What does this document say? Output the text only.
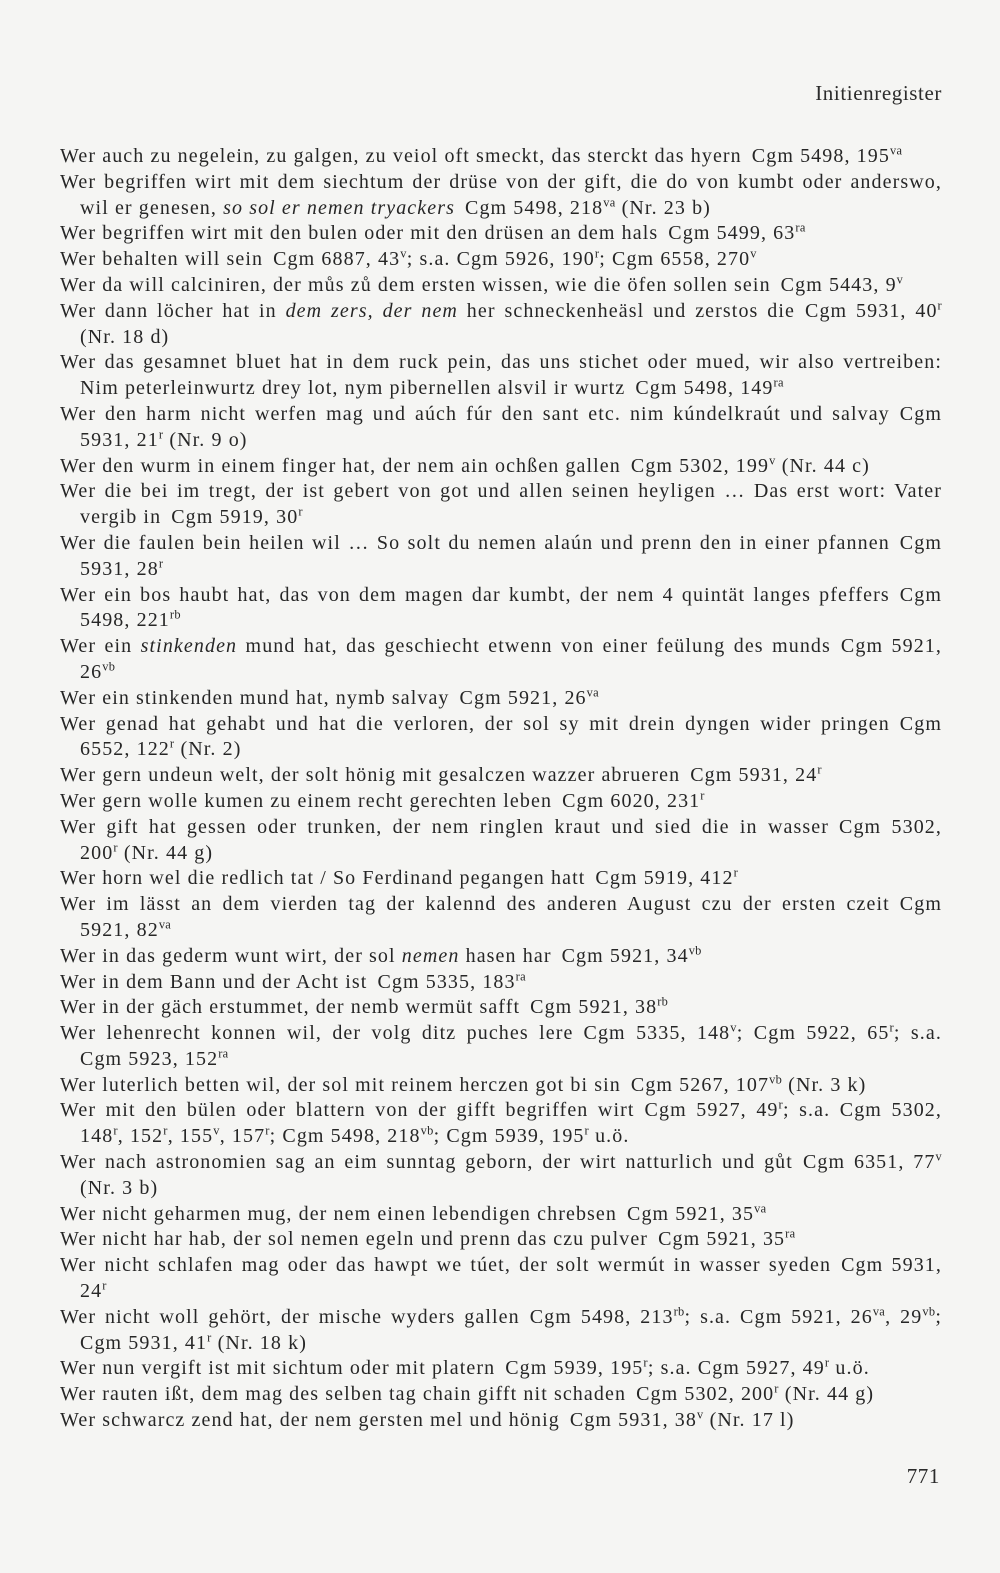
Initienregister
Wer auch zu negelein, zu galgen, zu veiol oft smeckt, das sterckt das hyern Cgm 5498, $195^{va}$
Wer begriffen wirt mit dem siechtum der drüse von der gift, die do von kumbt oder anderswo,
wil er genesen, so sol er nemen tryackers Cgm 5498, $218^{va}$ (Nr. 23 b)
Wer begriffen wirt mit den bulen oder mit den drüsen an dem hals Cgm 5499, $63^{ra}$
Wer behalten will sein Cgm 6887, 43$^v$; s.a. Cgm 5926, 190$^r$; Cgm 6558, 270$^v$
Wer da will calciniren, der můs zů dem ersten wissen, wie die öfen sollen sein Cgm 5443, 9$^v$
Wer dann löcher hat in dem zers, der nem her schneckenheäsl und zerstos die Cgm 5931, 40$^r$
(Nr. 18 d)
Wer das gesamnet bluet hat in dem ruck pein, das uns stichet oder mued, wir also vertreiben:
Nim peterleinwurtz drey lot, nym pibernellen alsvil ir wurtz Cgm 5498, $149^{ra}$
Wer den harm nicht werfen mag und aúch fúr den sant etc. nim kúndelkraút und salvay Cgm
5931, 21$^r$ (Nr. 9 o)
Wer den wurm in einem finger hat, der nem ain ochßen gallen Cgm 5302, 199$^v$ (Nr. 44 c)
Wer die bei im tregt, der ist gebert von got und allen seinen heyligen … Das erst wort: Vater
vergib in Cgm 5919, 30$^r$
Wer die faulen bein heilen wil … So solt du nemen alaún und prenn den in einer pfannen Cgm
5931, 28$^r$
Wer ein bos haubt hat, das von dem magen dar kumbt, der nem 4 quintät langes pfeffers Cgm
5498, $221^{rb}$
Wer ein stinkenden mund hat, das geschiecht etwenn von einer feülung des munds Cgm 5921,
$26^{vb}$
Wer ein stinkenden mund hat, nymb salvay Cgm 5921, $26^{va}$
Wer genad hat gehabt und hat die verloren, der sol sy mit drein dyngen wider pringen Cgm
6552, 122$^r$ (Nr. 2)
Wer gern undeun welt, der solt hönig mit gesalczen wazzer abrueren Cgm 5931, 24$^r$
Wer gern wolle kumen zu einem recht gerechten leben Cgm 6020, 231$^r$
Wer gift hat gessen oder trunken, der nem ringlen kraut und sied die in wasser Cgm 5302,
200$^r$ (Nr. 44 g)
Wer horn wel die redlich tat / So Ferdinand pegangen hatt Cgm 5919, 412$^r$
Wer im lässt an dem vierden tag der kalennd des anderen August czu der ersten czeit Cgm
5921, $82^{va}$
Wer in das gederm wunt wirt, der sol nemen hasen har Cgm 5921, $34^{vb}$
Wer in dem Bann und der Acht ist Cgm 5335, $183^{ra}$
Wer in der gäch erstummet, der nemb wermüt safft Cgm 5921, $38^{rb}$
Wer lehenrecht konnen wil, der volg ditz puches lere Cgm 5335, 148$^v$; Cgm 5922, 65$^r$; s.a.
Cgm 5923, $152^{ra}$
Wer luterlich betten wil, der sol mit reinem herczen got bi sin Cgm 5267, $107^{vb}$ (Nr. 3 k)
Wer mit den bülen oder blattern von der gifft begriffen wirt Cgm 5927, 49$^r$; s.a. Cgm 5302,
148$^r$, 152$^r$, 155$^v$, 157$^r$; Cgm 5498, $218^{vb}$; Cgm 5939, 195$^r$ u.ö.
Wer nach astronomien sag an eim sunntag geborn, der wirt natturlich und gůt Cgm 6351, 77$^v$
(Nr. 3 b)
Wer nicht geharmen mug, der nem einen lebendigen chrebsen Cgm 5921, $35^{va}$
Wer nicht har hab, der sol nemen egeln und prenn das czu pulver Cgm 5921, $35^{ra}$
Wer nicht schlafen mag oder das hawpt we túet, der solt wermút in wasser syeden Cgm 5931,
24$^r$
Wer nicht woll gehört, der mische wyders gallen Cgm 5498, $213^{rb}$; s.a. Cgm 5921, $26^{va}$, $29^{vb}$;
Cgm 5931, 41$^r$ (Nr. 18 k)
Wer nun vergift ist mit sichtum oder mit platern Cgm 5939, 195$^r$; s.a. Cgm 5927, 49$^r$ u.ö.
Wer rauten ißt, dem mag des selben tag chain gifft nit schaden Cgm 5302, 200$^r$ (Nr. 44 g)
Wer schwarcz zend hat, der nem gersten mel und hönig Cgm 5931, 38$^v$ (Nr. 17 l)
771
